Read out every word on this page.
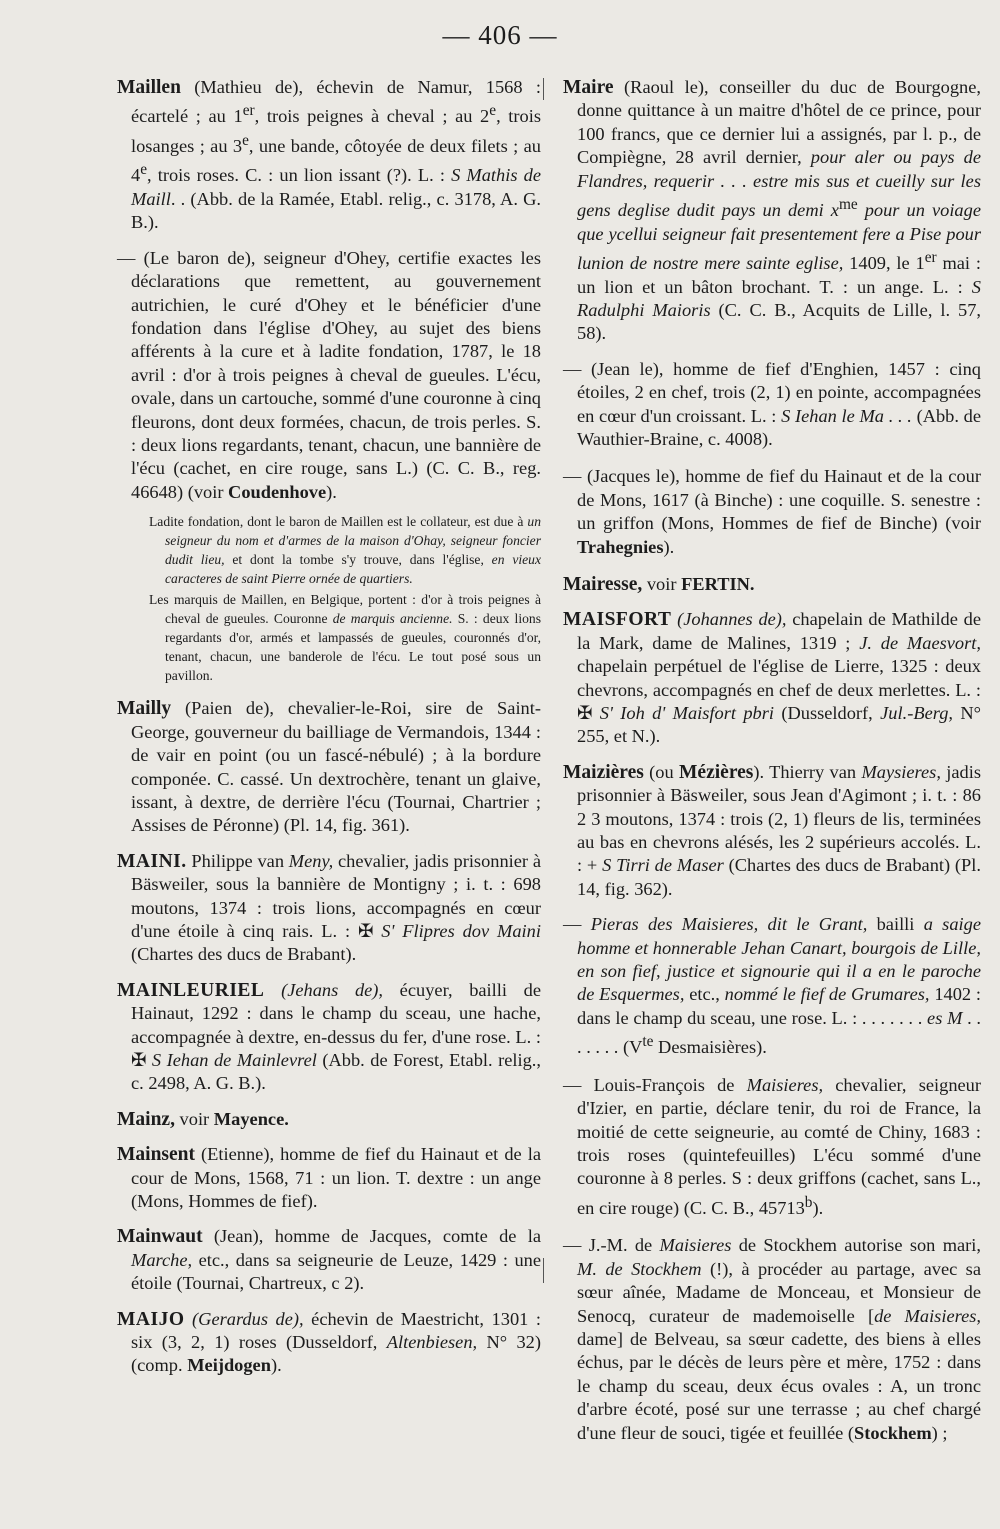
— 406 —

Maillen (Mathieu de), échevin de Namur, 1568 : écartelé ; au 1er, trois peignes à cheval ; au 2e, trois losanges ; au 3e, une bande, côtoyée de deux filets ; au 4e, trois roses. C. : un lion issant (?). L. : S Mathis de Maill. . (Abb. de la Ramée, Etabl. relig., c. 3178, A. G. B.).

— (Le baron de), seigneur d'Ohey, certifie exactes les déclarations que remettent, au gouvernement autrichien, le curé d'Ohey et le bénéficier d'une fondation dans l'église d'Ohey, au sujet des biens afférents à la cure et à ladite fondation, 1787, le 18 avril : d'or à trois peignes à cheval de gueules. L'écu, ovale, dans un cartouche, sommé d'une couronne à cinq fleurons, dont deux formées, chacun, de trois perles. S. : deux lions regardants, tenant, chacun, une bannière de l'écu (cachet, en cire rouge, sans L.) (C. C. B., reg. 46648) (voir Coudenhove).

Ladite fondation, dont le baron de Maillen est le collateur, est due à un seigneur du nom et d'armes de la maison d'Ohay, seigneur foncier dudit lieu, et dont la tombe s'y trouve, dans l'église, en vieux caracteres de saint Pierre ornée de quartiers.

Les marquis de Maillen, en Belgique, portent : d'or à trois peignes à cheval de gueules. Couronne de marquis ancienne. S. : deux lions regardants d'or, armés et lampassés de gueules, couronnés d'or, tenant, chacun, une banderole de l'écu. Le tout posé sous un pavillon.

Mailly (Paien de), chevalier-le-Roi, sire de Saint-George, gouverneur du bailliage de Vermandois, 1344 : de vair en point (ou un fascé-nébulé) ; à la bordure componée. C. cassé. Un dextrochère, tenant un glaive, issant, à dextre, de derrière l'écu (Tournai, Chartrier ; Assises de Péronne) (Pl. 14, fig. 361).

MAINI. Philippe van Meny, chevalier, jadis prisonnier à Bäsweiler, sous la bannière de Montigny ; i. t. : 698 moutons, 1374 : trois lions, accompagnés en cœur d'une étoile à cinq rais. L. : ✠ S' Flipres dov Maini (Chartes des ducs de Brabant).

MAINLEURIEL (Jehans de), écuyer, bailli de Hainaut, 1292 : dans le champ du sceau, une hache, accompagnée à dextre, en-dessus du fer, d'une rose. L. : ✠ S Iehan de Mainlevrel (Abb. de Forest, Etabl. relig., c. 2498, A. G. B.).

Mainz, voir Mayence.

Mainsent (Etienne), homme de fief du Hainaut et de la cour de Mons, 1568, 71 : un lion. T. dextre : un ange (Mons, Hommes de fief).

Mainwaut (Jean), homme de Jacques, comte de la Marche, etc., dans sa seigneurie de Leuze, 1429 : une étoile (Tournai, Chartreux, c 2).

MAIJO (Gerardus de), échevin de Maestricht, 1301 : six (3, 2, 1) roses (Dusseldorf, Altenbiesen, N° 32) (comp. Meijdogen).

Maire (Raoul le), conseiller du duc de Bourgogne, donne quittance à un maitre d'hôtel de ce prince, pour 100 francs, que ce dernier lui a assignés, par l. p., de Compiègne, 28 avril dernier, pour aler ou pays de Flandres, requerir . . . estre mis sus et cueilly sur les gens deglise dudit pays un demi $x^{me}$ pour un voiage que ycellui seigneur fait presentement fere a Pise pour lunion de nostre mere sainte eglise, 1409, le 1er mai : un lion et un bâton brochant. T. : un ange. L. : S Radulphi Maioris (C. C. B., Acquits de Lille, l. 57, 58).

— (Jean le), homme de fief d'Enghien, 1457 : cinq étoiles, 2 en chef, trois (2, 1) en pointe, accompagnées en cœur d'un croissant. L. : S Iehan le Ma . . . (Abb. de Wauthier-Braine, c. 4008).

— (Jacques le), homme de fief du Hainaut et de la cour de Mons, 1617 (à Binche) : une coquille. S. senestre : un griffon (Mons, Hommes de fief de Binche) (voir Trahegnies).

Mairesse, voir FERTIN.

MAISFORT (Johannes de), chapelain de Mathilde de la Mark, dame de Malines, 1319 ; J. de Maesvort, chapelain perpétuel de l'église de Lierre, 1325 : deux chevrons, accompagnés en chef de deux merlettes. L. : ✠ S' Ioh d' Maisfort pbri (Dusseldorf, Jul.-Berg, N° 255, et N.).

Maizières (ou Mézières). Thierry van Maysieres, jadis prisonnier à Bäsweiler, sous Jean d'Agimont ; i. t. : 86 2 3 moutons, 1374 : trois (2, 1) fleurs de lis, terminées au bas en chevrons alésés, les 2 supérieurs accolés. L. : + S Tirri de Maser (Chartes des ducs de Brabant) (Pl. 14, fig. 362).

— Pieras des Maisieres, dit le Grant, bailli a saige homme et honnerable Jehan Canart, bourgois de Lille, en son fief, justice et signourie qui il a en le paroche de Esquermes, etc., nommé le fief de Grumares, 1402 : dans le champ du sceau, une rose. L. : . . . . . . . es M . . . . . . . ($V^{te}$ Desmaisières).

— Louis-François de Maisieres, chevalier, seigneur d'Izier, en partie, déclare tenir, du roi de France, la moitié de cette seigneurie, au comté de Chiny, 1683 : trois roses (quintefeuilles) L'écu sommé d'une couronne à 8 perles. S : deux griffons (cachet, sans L., en cire rouge) (C. C. B., 45713$^b$).

— J.-M. de Maisieres de Stockhem autorise son mari, M. de Stockhem (!), à procéder au partage, avec sa sœur aînée, Madame de Monceau, et Monsieur de Senocq, curateur de mademoiselle [de Maisieres, dame] de Belveau, sa sœur cadette, des biens à elles échus, par le décès de leurs père et mère, 1752 : dans le champ du sceau, deux écus ovales : A, un tronc d'arbre écoté, posé sur une terrasse ; au chef chargé d'une fleur de souci, tigée et feuillée (Stockhem) ;
